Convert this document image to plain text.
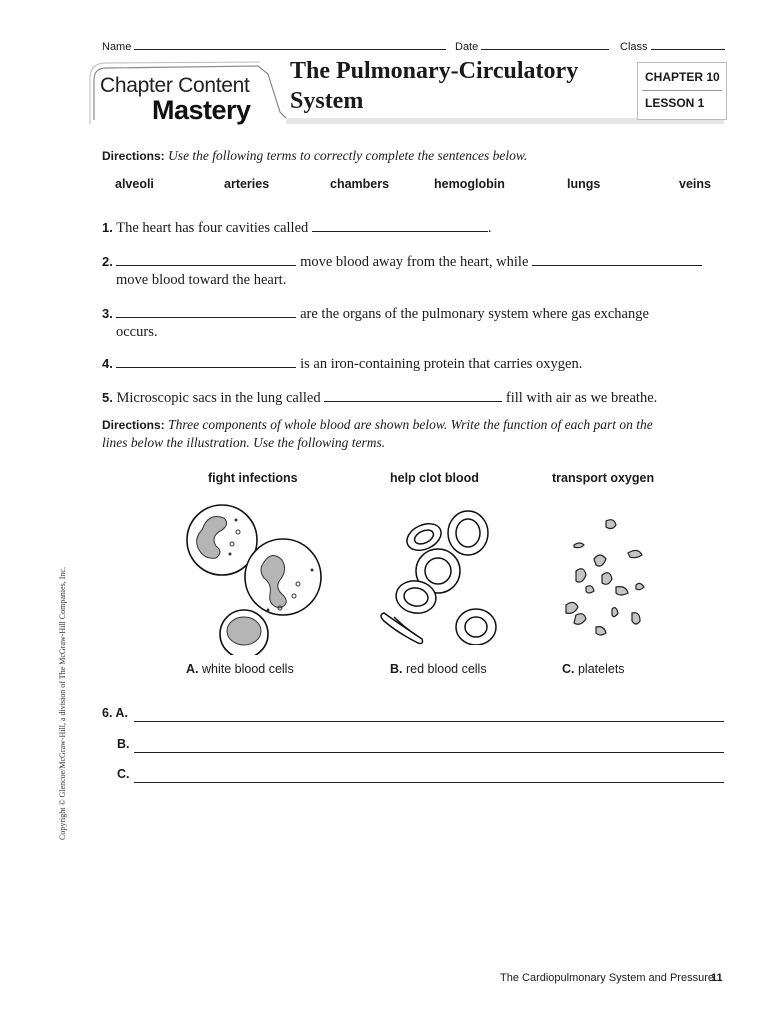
Name	Date	Class
Chapter Content
Mastery
The Pulmonary-Circulatory
System
CHAPTER 10
LESSON 1
Directions: Use the following terms to correctly complete the sentences below.
alveoli	arteries	chambers	hemoglobin	lungs	veins
1. The heart has four cavities called	.
2.	move blood away from the heart, while
move blood toward the heart.
3.	are the organs of the pulmonary system where gas exchange
occurs.
4.	is an iron-containing protein that carries oxygen.
5. Microscopic sacs in the lung called	fill with air as we breathe.
Directions: Three components of whole blood are shown below. Write the function of each part on the
lines below the illustration. Use the following terms.
fight infections	help clot blood	transport oxygen
A. white blood cells	B. red blood cells	C. platelets
6. A.
B.
C.
Copyright © Glencoe/McGraw-Hill, a division of The McGraw-Hill Companies, Inc.
The Cardiopulmonary System and Pressure
11
